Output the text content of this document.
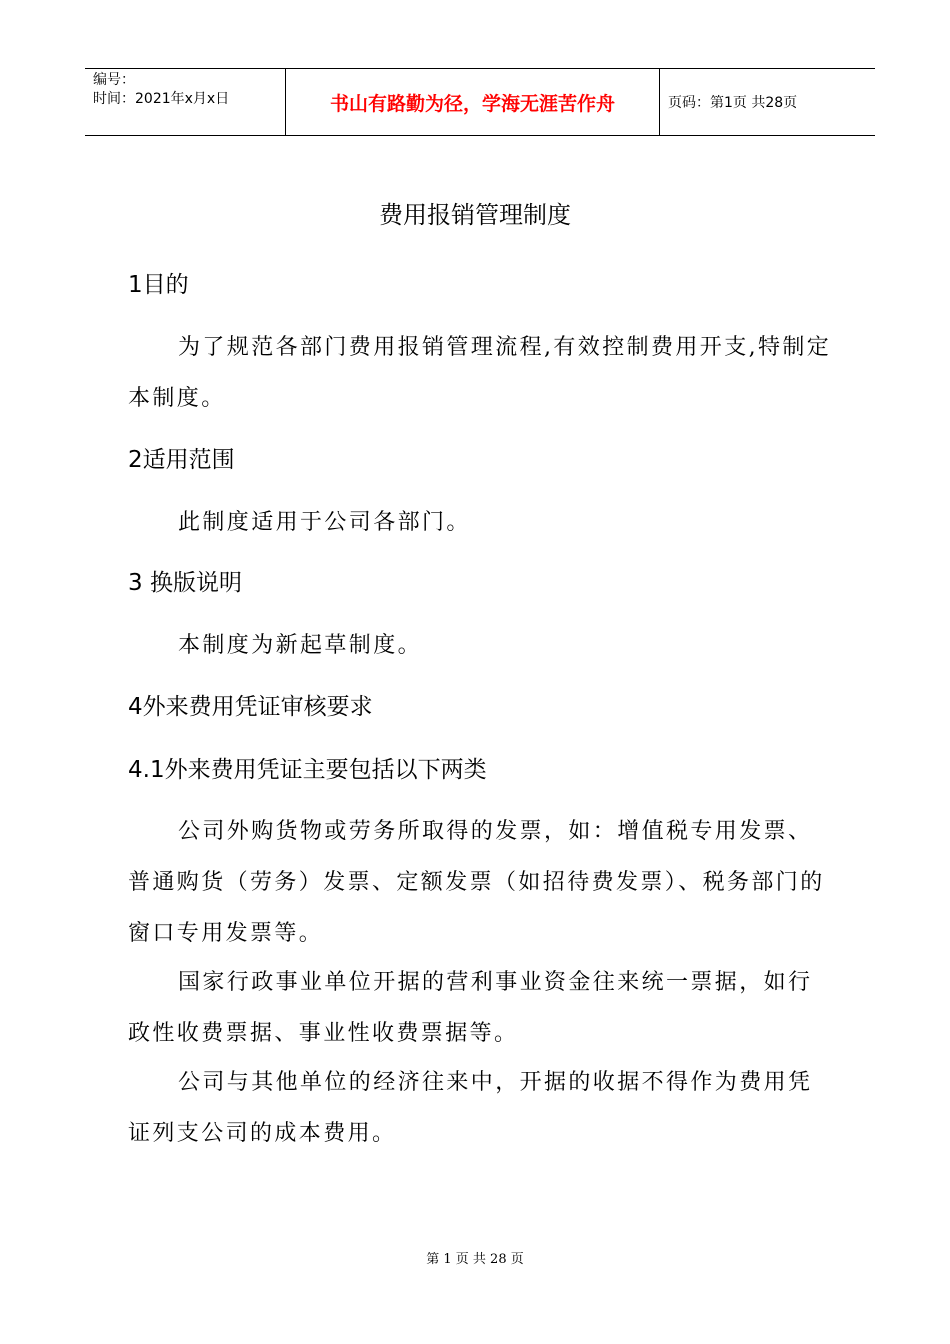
编号：
时间：2021年x月x日	书山有路勤为径，学海无涯苦作舟	页码：第1页 共28页
费用报销管理制度
1目的

为了规范各部门费用报销管理流程,有效控制费用开支,特制定本制度。

2适用范围

此制度适用于公司各部门。

3 换版说明

本制度为新起草制度。

4外来费用凭证审核要求
4.1外来费用凭证主要包括以下两类

公司外购货物或劳务所取得的发票，如：增值税专用发票、普通购货（劳务）发票、定额发票（如招待费发票）、税务部门的窗口专用发票等。

国家行政事业单位开据的营利事业资金往来统一票据，如行政性收费票据、事业性收费票据等。

公司与其他单位的经济往来中，开据的收据不得作为费用凭证列支公司的成本费用。

第 1 页 共 28 页
